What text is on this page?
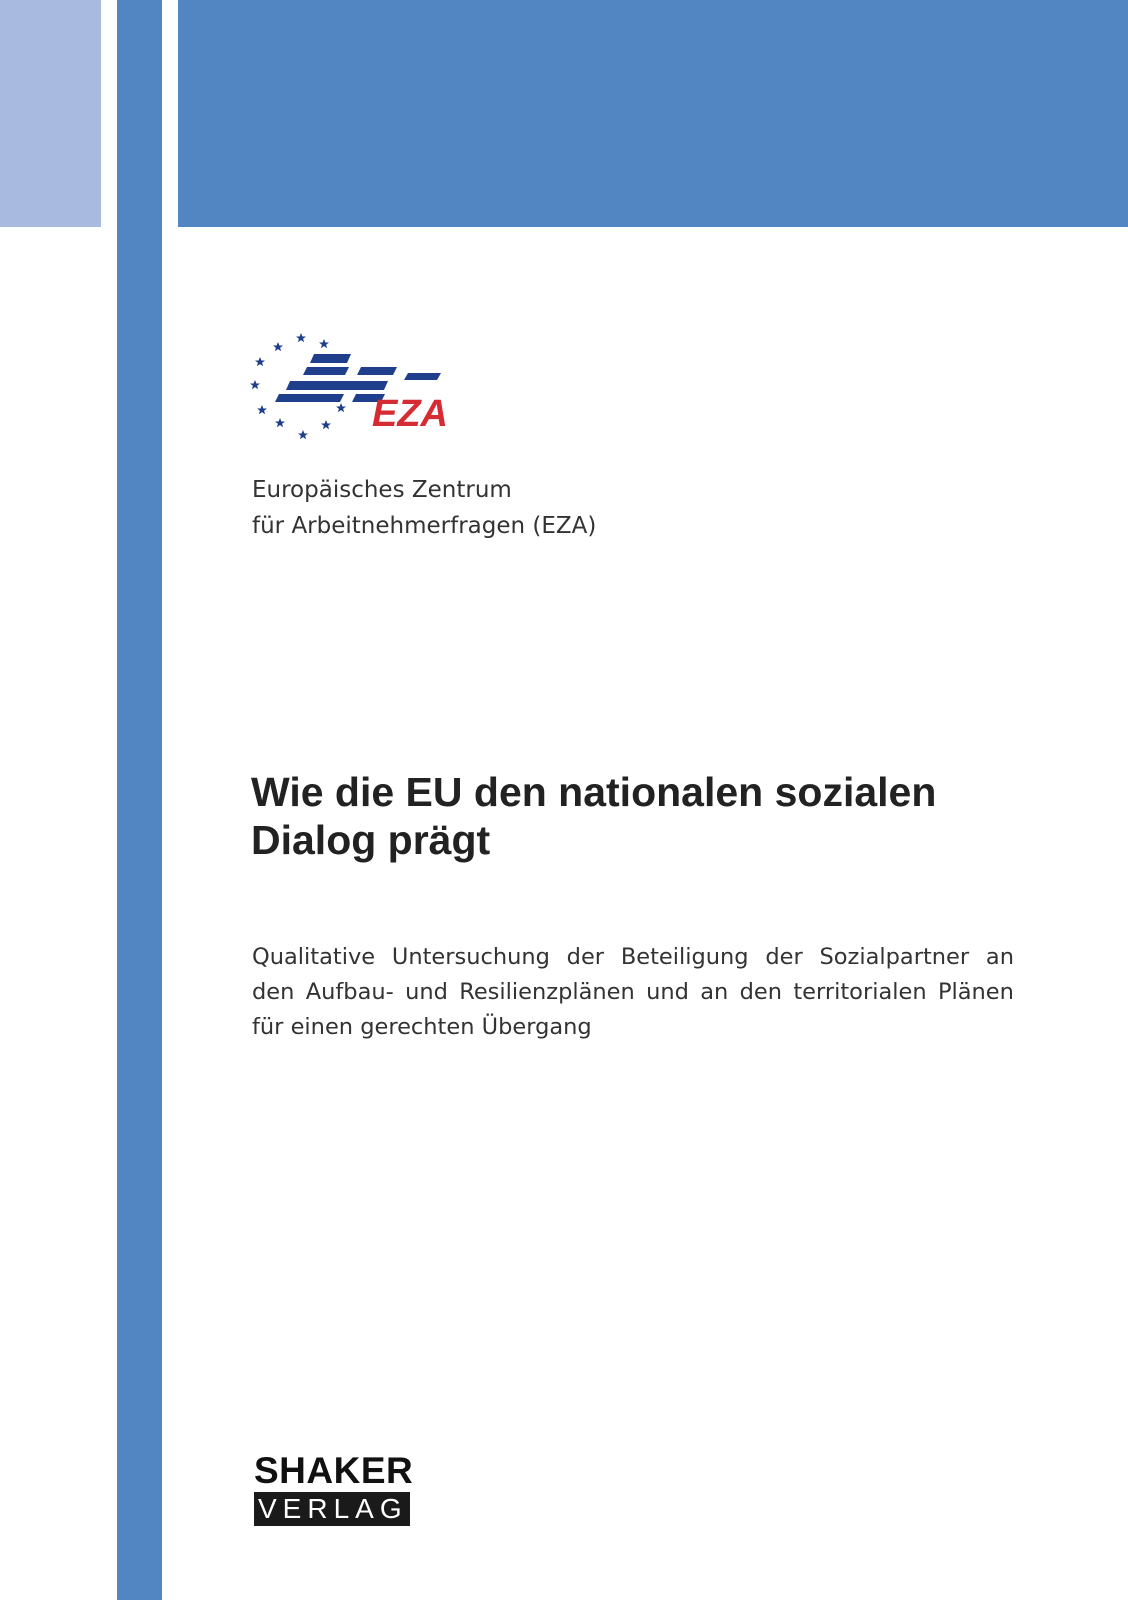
EZA

Europäisches Zentrum
für Arbeitnehmerfragen (EZA)

Wie die EU den nationalen sozialen
Dialog prägt
Qualitative Untersuchung der Beteiligung der Sozialpartner an
den Aufbau- und Resilienzplänen und an den territorialen Plänen
für einen gerechten Übergang
SHAKER
VERLAG
